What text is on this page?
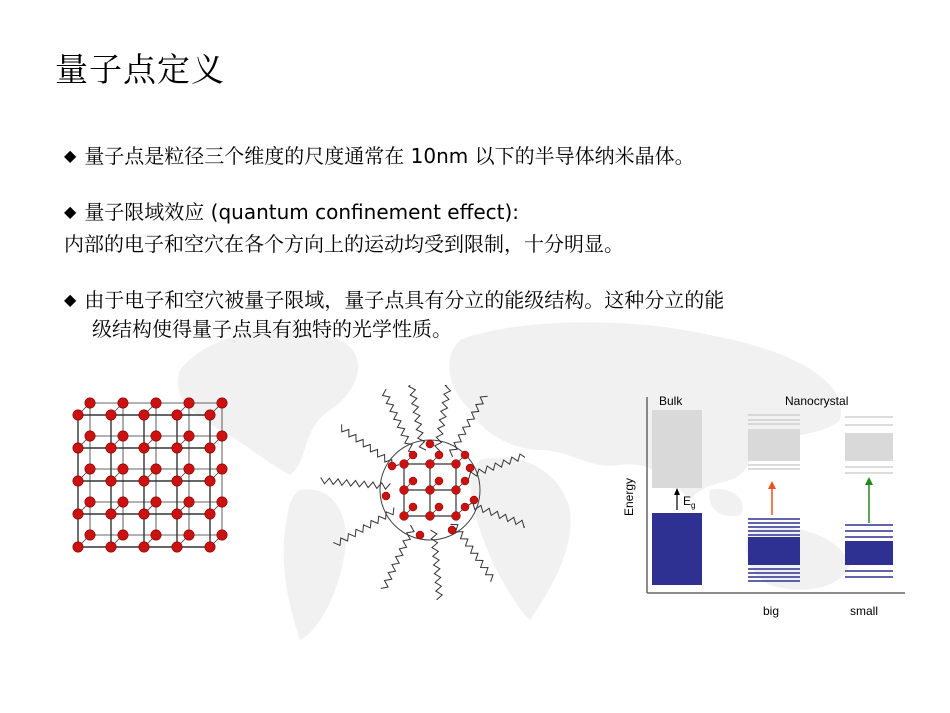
量子点定义
◆ 量子点是粒径三个维度的尺度通常在 10nm 以下的半导体纳米晶体。
◆ 量子限域效应 (quantum confinement effect):
内部的电子和空穴在各个方向上的运动均受到限制，十分明显。
◆ 由于电子和空穴被量子限域，量子点具有分立的能级结构。这种分立的能
级结构使得量子点具有独特的光学性质。
Energy
Bulk	Nanocrystal
$E_g$
big	small
